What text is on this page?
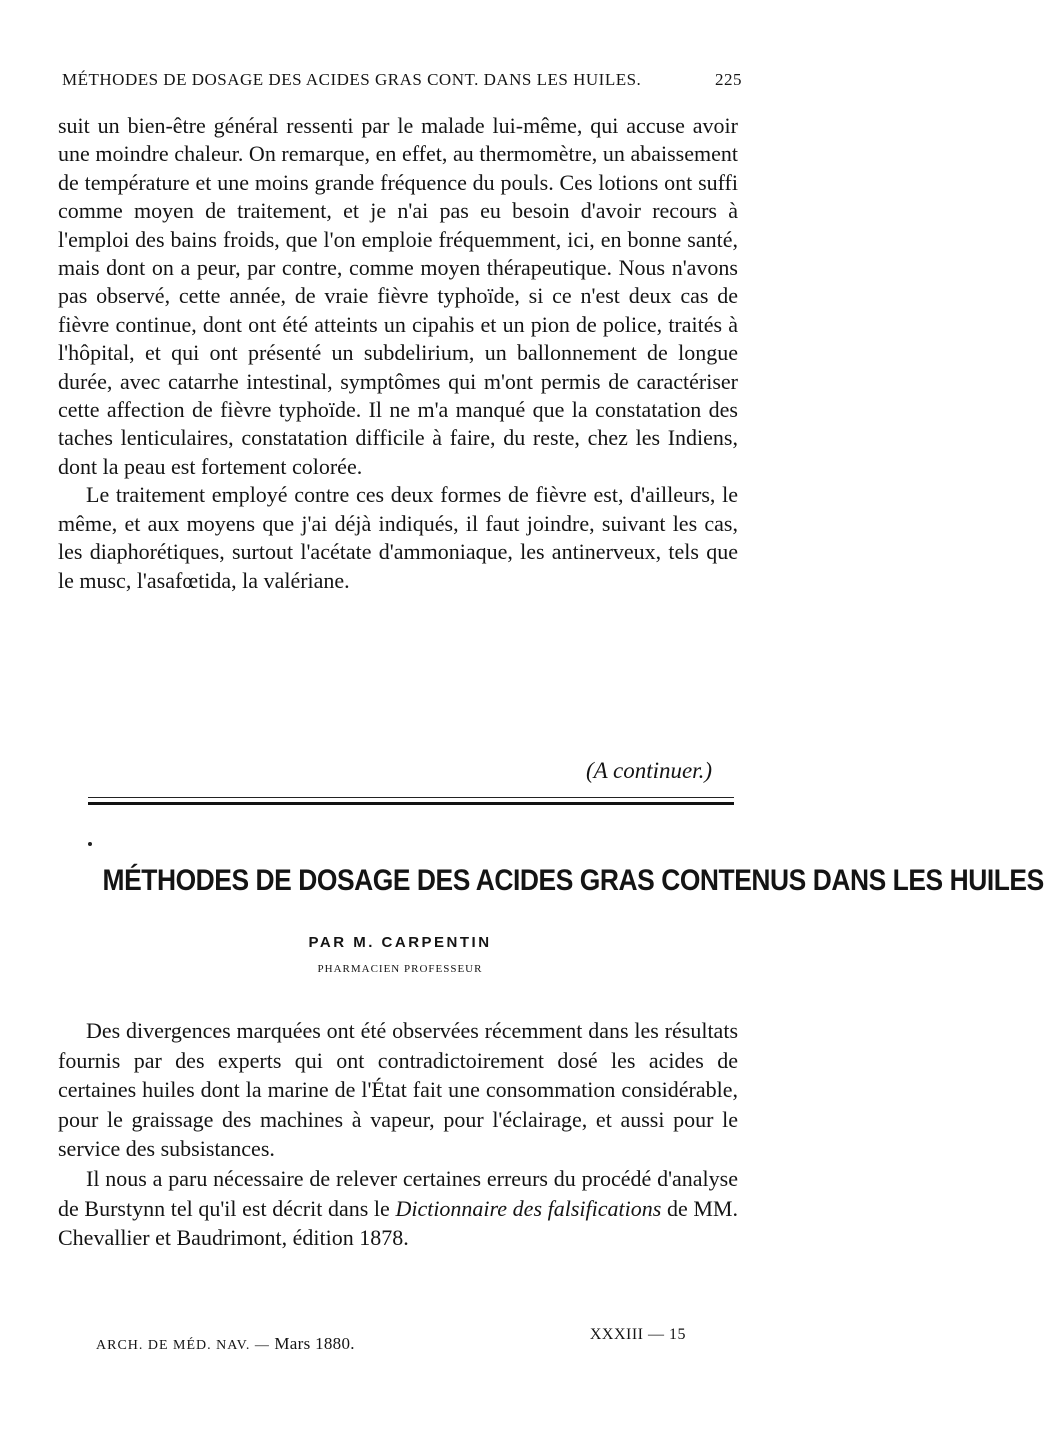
MÉTHODES DE DOSAGE DES ACIDES GRAS CONT. DANS LES HUILES.	225

suit un bien-être général ressenti par le malade lui-même, qui accuse avoir une moindre chaleur. On remarque, en effet, au thermomètre, un abaissement de température et une moins grande fréquence du pouls. Ces lotions ont suffi comme moyen de traitement, et je n'ai pas eu besoin d'avoir recours à l'emploi des bains froids, que l'on emploie fréquemment, ici, en bonne santé, mais dont on a peur, par contre, comme moyen thérapeutique. Nous n'avons pas observé, cette année, de vraie fièvre typhoïde, si ce n'est deux cas de fièvre continue, dont ont été atteints un cipahis et un pion de police, traités à l'hôpital, et qui ont présenté un subdelirium, un ballonnement de longue durée, avec catarrhe intestinal, symptômes qui m'ont permis de caractériser cette affection de fièvre typhoïde. Il ne m'a manqué que la constatation des taches lenticulaires, constatation difficile à faire, du reste, chez les Indiens, dont la peau est fortement colorée.

Le traitement employé contre ces deux formes de fièvre est, d'ailleurs, le même, et aux moyens que j'ai déjà indiqués, il faut joindre, suivant les cas, les diaphorétiques, surtout l'acétate d'ammoniaque, les antinerveux, tels que le musc, l'asafœtida, la valériane.

(A continuer.)
MÉTHODES DE DOSAGE DES ACIDES GRAS CONTENUS DANS LES HUILES
PAR M. CARPENTIN
PHARMACIEN PROFESSEUR

Des divergences marquées ont été observées récemment dans les résultats fournis par des experts qui ont contradictoirement dosé les acides de certaines huiles dont la marine de l'État fait une consommation considérable, pour le graissage des machines à vapeur, pour l'éclairage, et aussi pour le service des subsistances.

Il nous a paru nécessaire de relever certaines erreurs du procédé d'analyse de Burstynn tel qu'il est décrit dans le Dictionnaire des falsifications de MM. Chevallier et Baudrimont, édition 1878.

ARCH. DE MÉD. NAV. — Mars 1880.	XXXIII — 15
